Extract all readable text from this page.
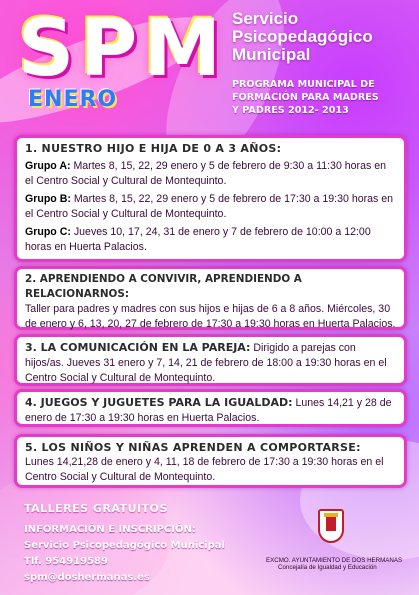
SPM
ENERO
Servicio
Psicopedagógico
Municipal
PROGRAMA MUNICIPAL DE
FORMACIÓN PARA MADRES
Y PADRES 2012- 2013
1. NUESTRO HIJO E HIJA DE 0 A 3 AÑOS:
Grupo A: Martes 8, 15, 22, 29 enero y 5 de febrero de 9:30 a 11:30 horas en el Centro Social y Cultural de Montequinto.
Grupo B: Martes 8, 15, 22, 29 enero y 5 de febrero de 17:30 a 19:30 horas en el Centro Social y Cultural de Montequinto.
Grupo C: Jueves 10, 17, 24, 31 de enero y 7 de febrero de 10:00 a 12:00 horas en Huerta Palacios.
2. APRENDIENDO A CONVIVIR, APRENDIENDO A RELACIONARNOS:
Taller para padres y madres con sus hijos e hijas de 6 a 8 años. Miércoles, 30 de enero y 6, 13, 20, 27 de febrero de 17:30 a 19:30 horas en Huerta Palacios.
3. LA COMUNICACIÓN EN LA PAREJA: Dirigido a parejas con hijos/as. Jueves 31 enero y 7, 14, 21 de febrero de 18:00 a 19:30 horas en el Centro Social y Cultural de Montequinto.
4. JUEGOS Y JUGUETES PARA LA IGUALDAD: Lunes 14,21 y 28 de enero de 17:30 a 19:30 horas en Huerta Palacios.
5. LOS NIÑOS Y NIÑAS APRENDEN A COMPORTARSE:
Lunes 14,21,28 de enero y 4, 11, 18 de febrero de 17:30 a 19:30 horas en el Centro Social y Cultural de Montequinto.
TALLERES GRATUITOS
INFORMACIÓN E INSCRIPCIÓN:
Servicio Psicopedagógico Municipal
Tlf. 954919589
spm@doshermanas.es
EXCMO. AYUNTAMIENTO DE DOS HERMANAS
Concejalía de Igualdad y Educación
